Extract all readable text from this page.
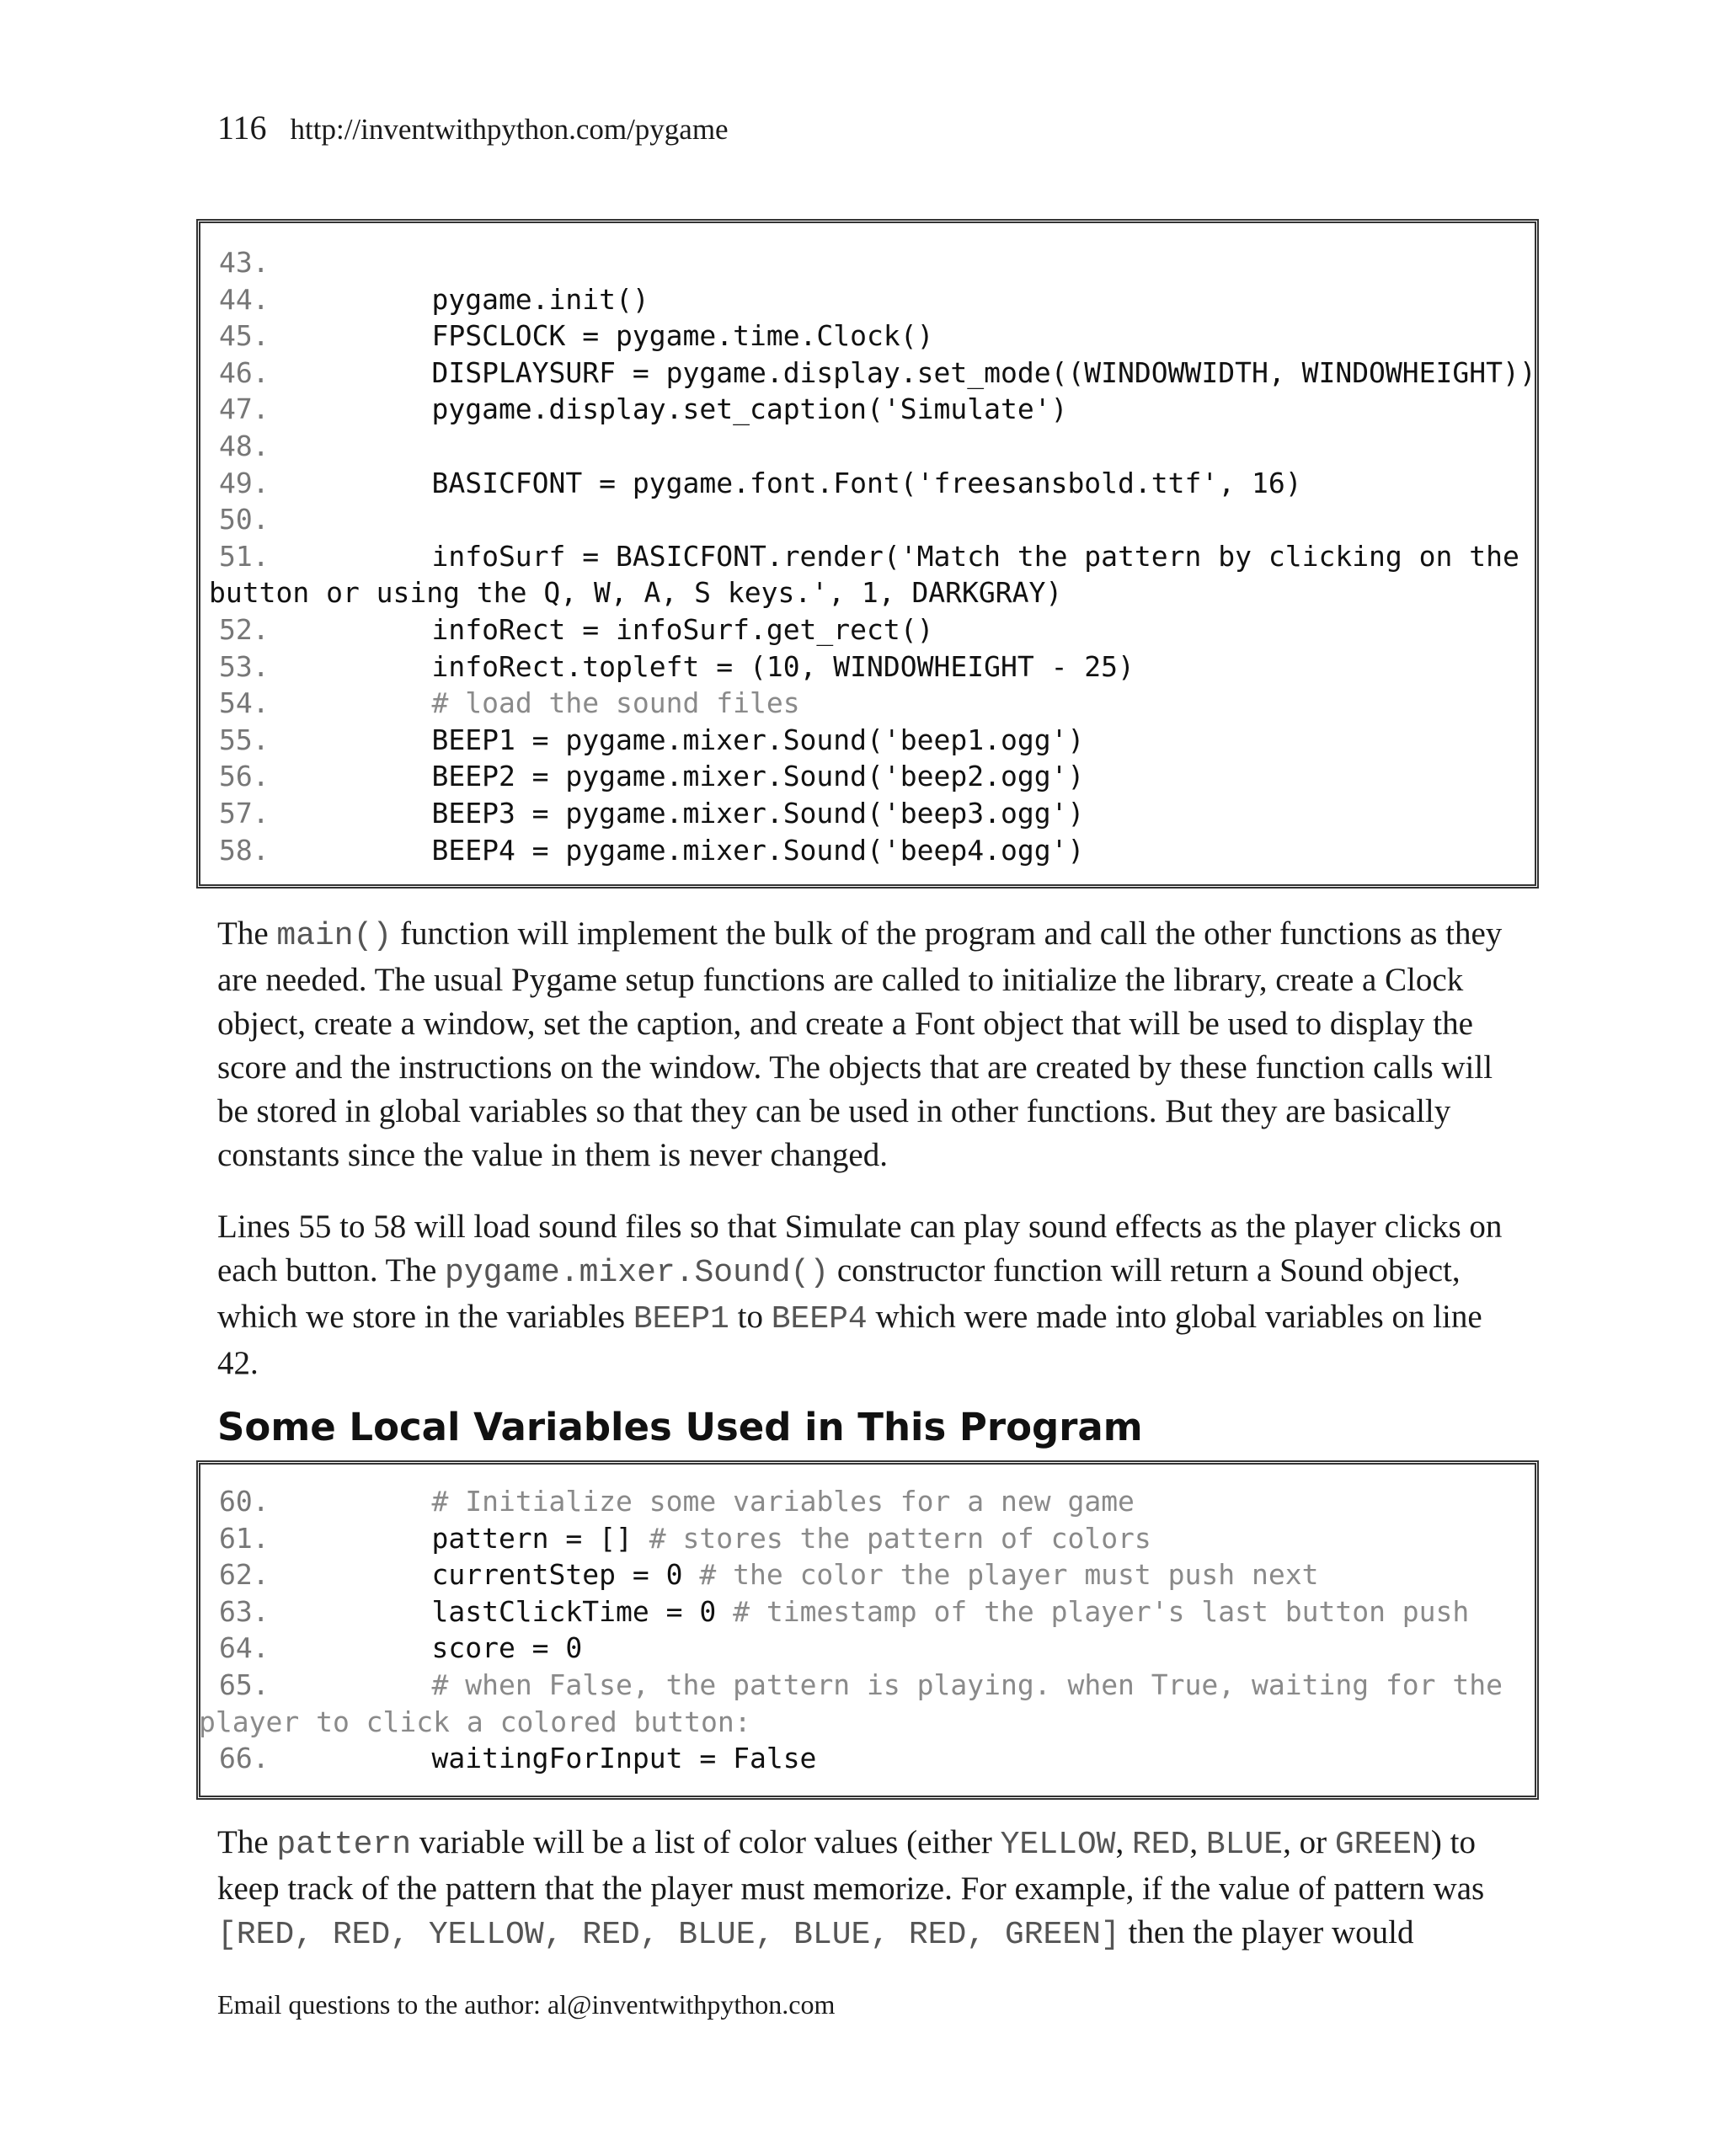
116 http://inventwithpython.com/pygame
43.
44.	pygame.init()
45.	FPSCLOCK = pygame.time.Clock()
46.	DISPLAYSURF = pygame.display.set_mode((WINDOWWIDTH, WINDOWHEIGHT))
47.	pygame.display.set_caption('Simulate')
48.
49.	BASICFONT = pygame.font.Font('freesansbold.ttf', 16)
50.
51.	infoSurf = BASICFONT.render('Match the pattern by clicking on the
button or using the Q, W, A, S keys.', 1, DARKGRAY)
52.	infoRect = infoSurf.get_rect()
53.	infoRect.topleft = (10, WINDOWHEIGHT - 25)
54.	# load the sound files
55.	BEEP1 = pygame.mixer.Sound('beep1.ogg')
56.	BEEP2 = pygame.mixer.Sound('beep2.ogg')
57.	BEEP3 = pygame.mixer.Sound('beep3.ogg')
58.	BEEP4 = pygame.mixer.Sound('beep4.ogg')
The main() function will implement the bulk of the program and call the other functions as they are needed. The usual Pygame setup functions are called to initialize the library, create a Clock object, create a window, set the caption, and create a Font object that will be used to display the score and the instructions on the window. The objects that are created by these function calls will be stored in global variables so that they can be used in other functions. But they are basically constants since the value in them is never changed.
Lines 55 to 58 will load sound files so that Simulate can play sound effects as the player clicks on each button. The pygame.mixer.Sound() constructor function will return a Sound object, which we store in the variables BEEP1 to BEEP4 which were made into global variables on line 42.
Some Local Variables Used in This Program
60.	# Initialize some variables for a new game
61.	pattern = [] # stores the pattern of colors
62.	currentStep = 0 # the color the player must push next
63.	lastClickTime = 0 # timestamp of the player's last button push
64.	score = 0
65.	# when False, the pattern is playing. when True, waiting for the
player to click a colored button:
66.	waitingForInput = False
The pattern variable will be a list of color values (either YELLOW, RED, BLUE, or GREEN) to keep track of the pattern that the player must memorize. For example, if the value of pattern was [RED, RED, YELLOW, RED, BLUE, BLUE, RED, GREEN] then the player would
Email questions to the author: al@inventwithpython.com
